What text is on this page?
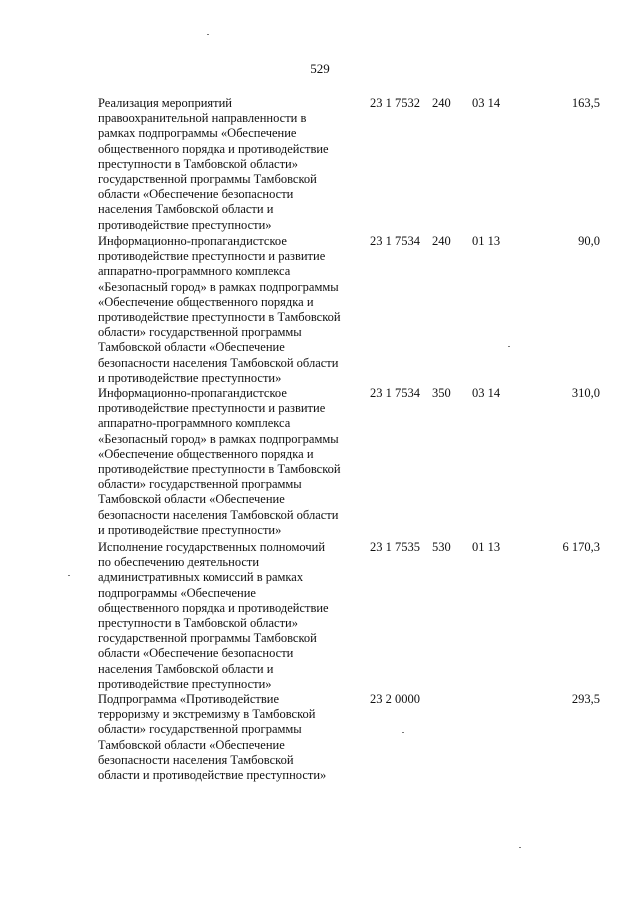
529
Реализация мероприятий
правоохранительной направленности в
рамках подпрограммы «Обеспечение
общественного порядка и противодействие
преступности в Тамбовской области»
государственной программы Тамбовской
области «Обеспечение безопасности
населения Тамбовской области и
противодействие преступности»
23 1 7532 240 03 14	163,5
Информационно-пропагандистское
противодействие преступности и развитие
аппаратно-программного комплекса
«Безопасный город» в рамках подпрограммы
«Обеспечение общественного порядка и
противодействие преступности в Тамбовской
области» государственной программы
Тамбовской области «Обеспечение
безопасности населения Тамбовской области
и противодействие преступности»
23 1 7534 240 01 13	90,0
Информационно-пропагандистское
противодействие преступности и развитие
аппаратно-программного комплекса
«Безопасный город» в рамках подпрограммы
«Обеспечение общественного порядка и
противодействие преступности в Тамбовской
области» государственной программы
Тамбовской области «Обеспечение
безопасности населения Тамбовской области
и противодействие преступности»
23 1 7534 350 03 14	310,0
Исполнение государственных полномочий
по обеспечению деятельности
административных комиссий в рамках
подпрограммы «Обеспечение
общественного порядка и противодействие
преступности в Тамбовской области»
государственной программы Тамбовской
области «Обеспечение безопасности
населения Тамбовской области и
противодействие преступности»
23 1 7535 530 01 13	6 170,3
Подпрограмма «Противодействие
терроризму и экстремизму в Тамбовской
области» государственной программы
Тамбовской области «Обеспечение
безопасности населения Тамбовской
области и противодействие преступности»
23 2 0000	293,5
